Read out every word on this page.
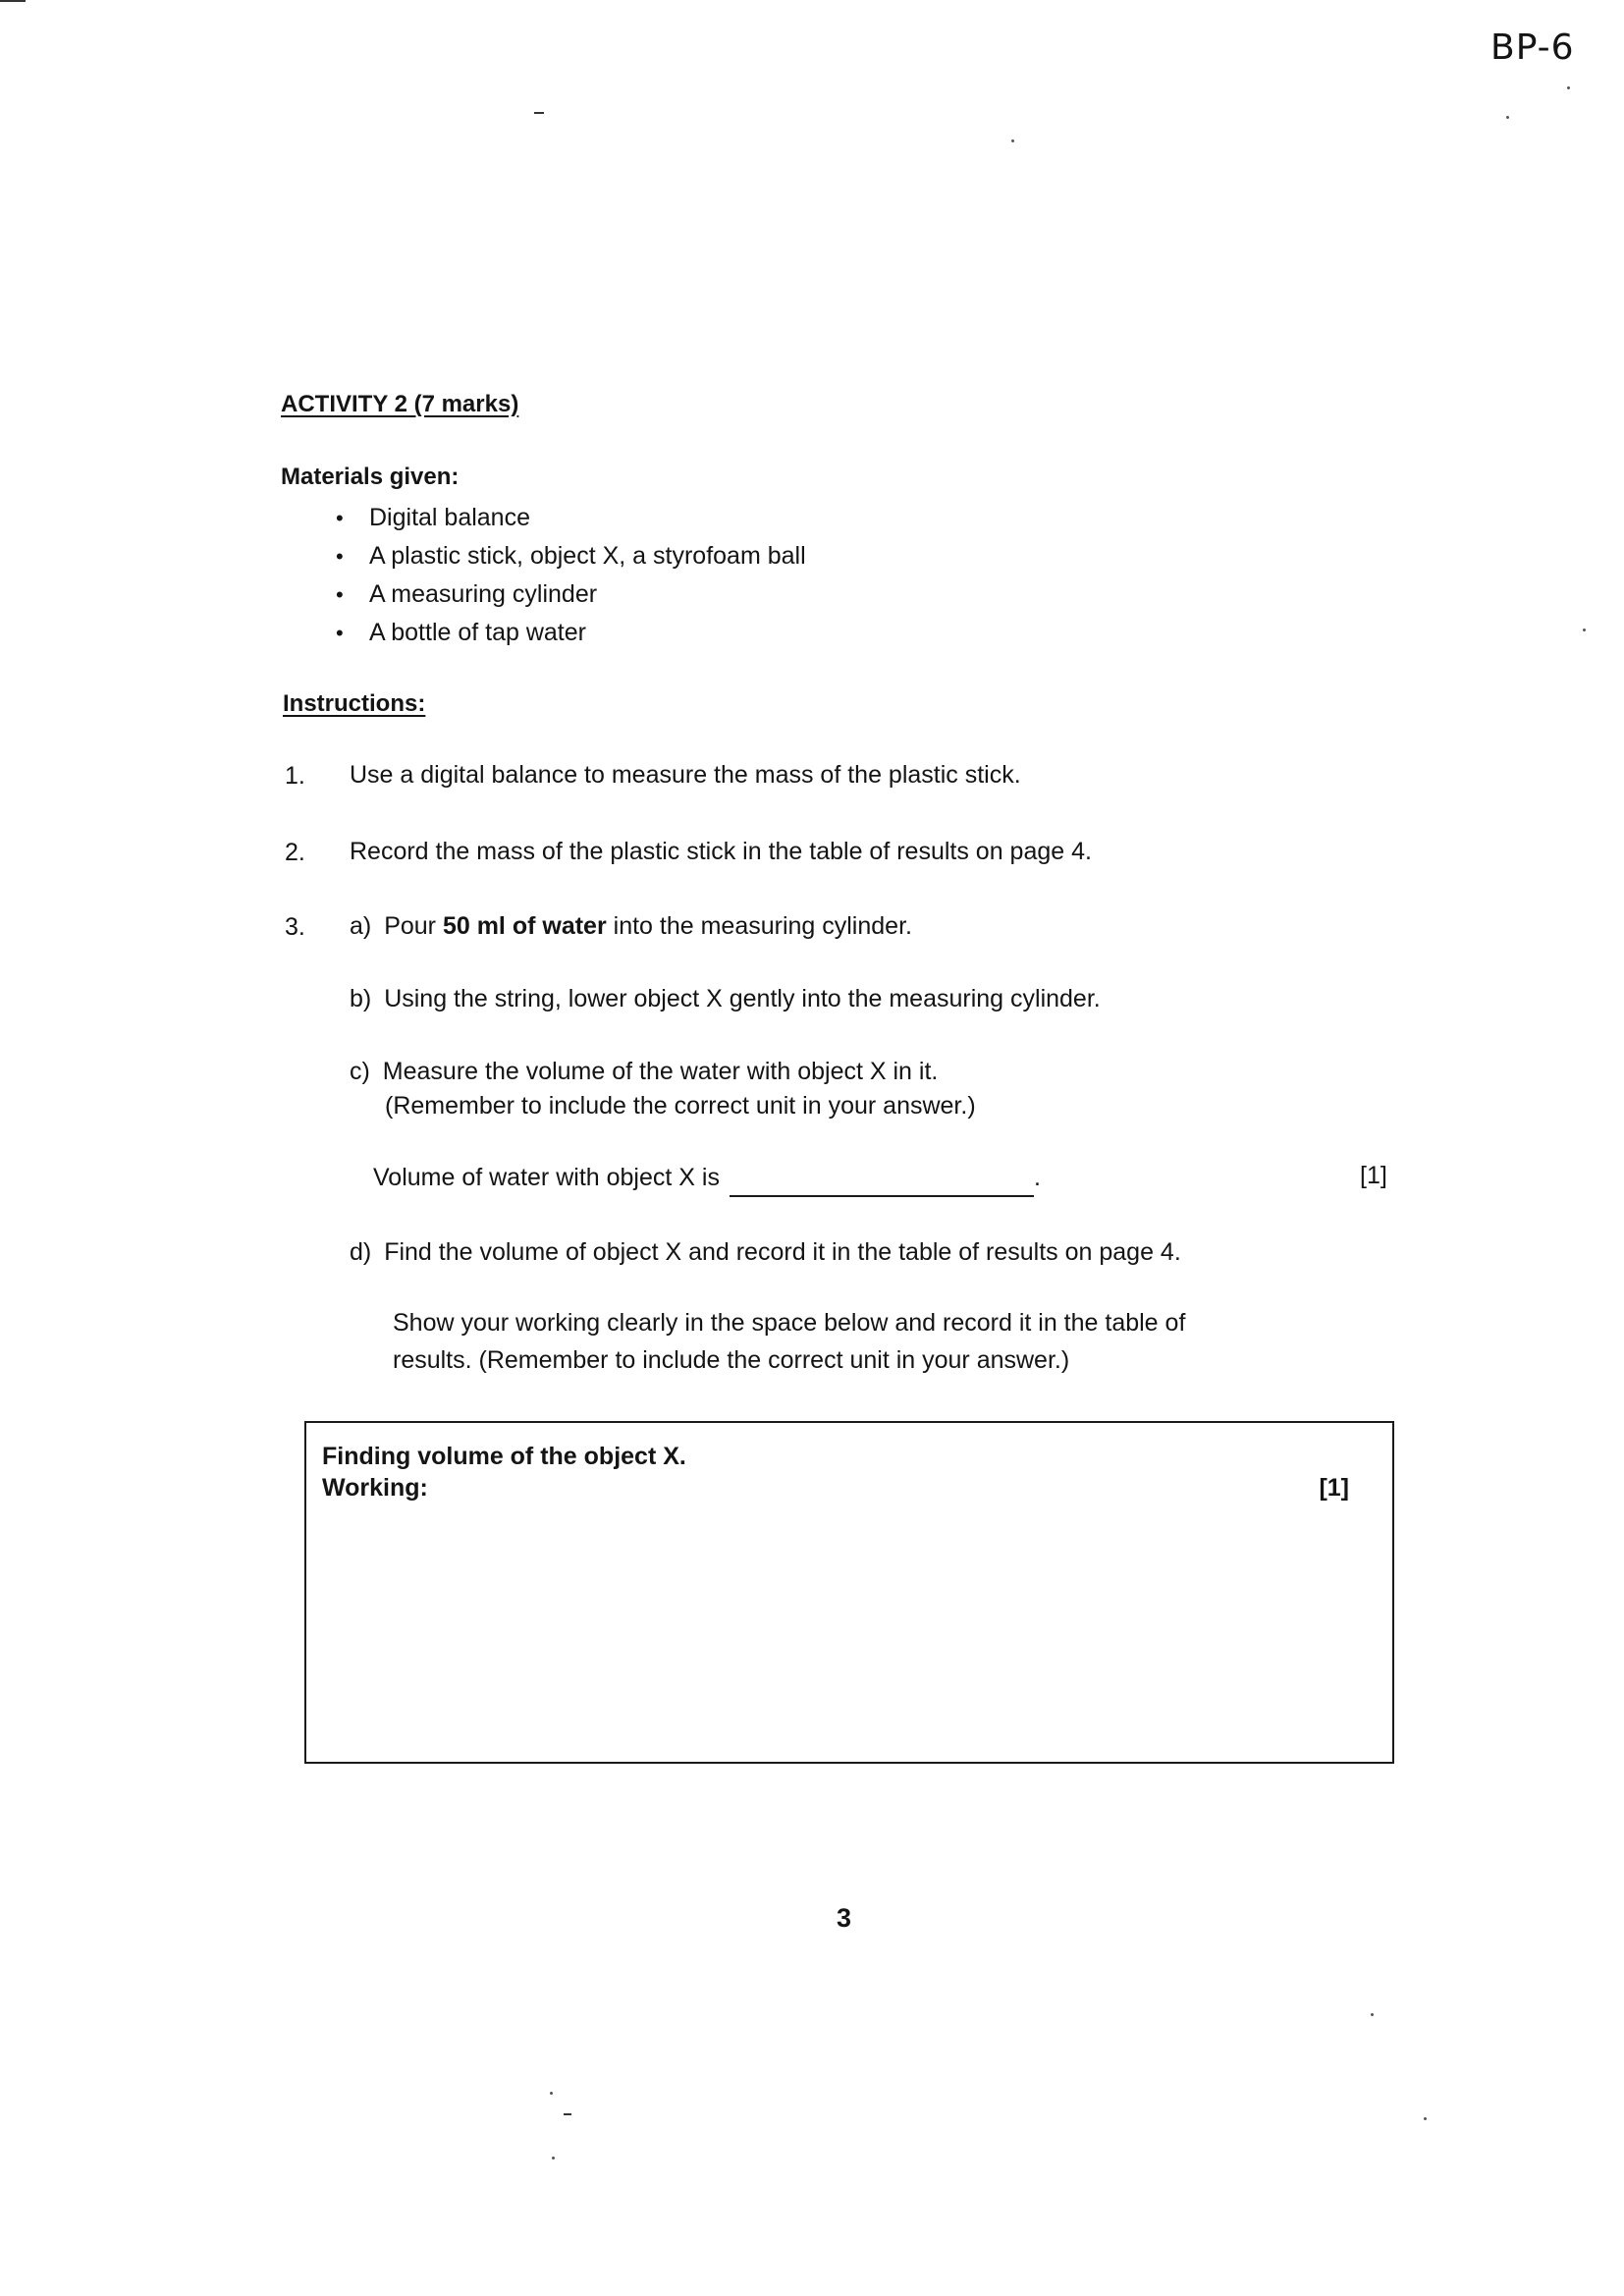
BP-6
ACTIVITY 2 (7 marks)
Materials given:
• Digital balance
• A plastic stick, object X, a styrofoam ball
• A measuring cylinder
• A bottle of tap water
Instructions:
1.	Use a digital balance to measure the mass of the plastic stick.
2.	Record the mass of the plastic stick in the table of results on page 4.
3.	a) Pour 50 ml of water into the measuring cylinder.
b) Using the string, lower object X gently into the measuring cylinder.
c) Measure the volume of the water with object X in it.
(Remember to include the correct unit in your answer.)
Volume of water with object X is	.	[1]
d) Find the volume of object X and record it in the table of results on page 4.
Show your working clearly in the space below and record it in the table of
results. (Remember to include the correct unit in your answer.)
Finding volume of the object X.
Working:	[1]
3
